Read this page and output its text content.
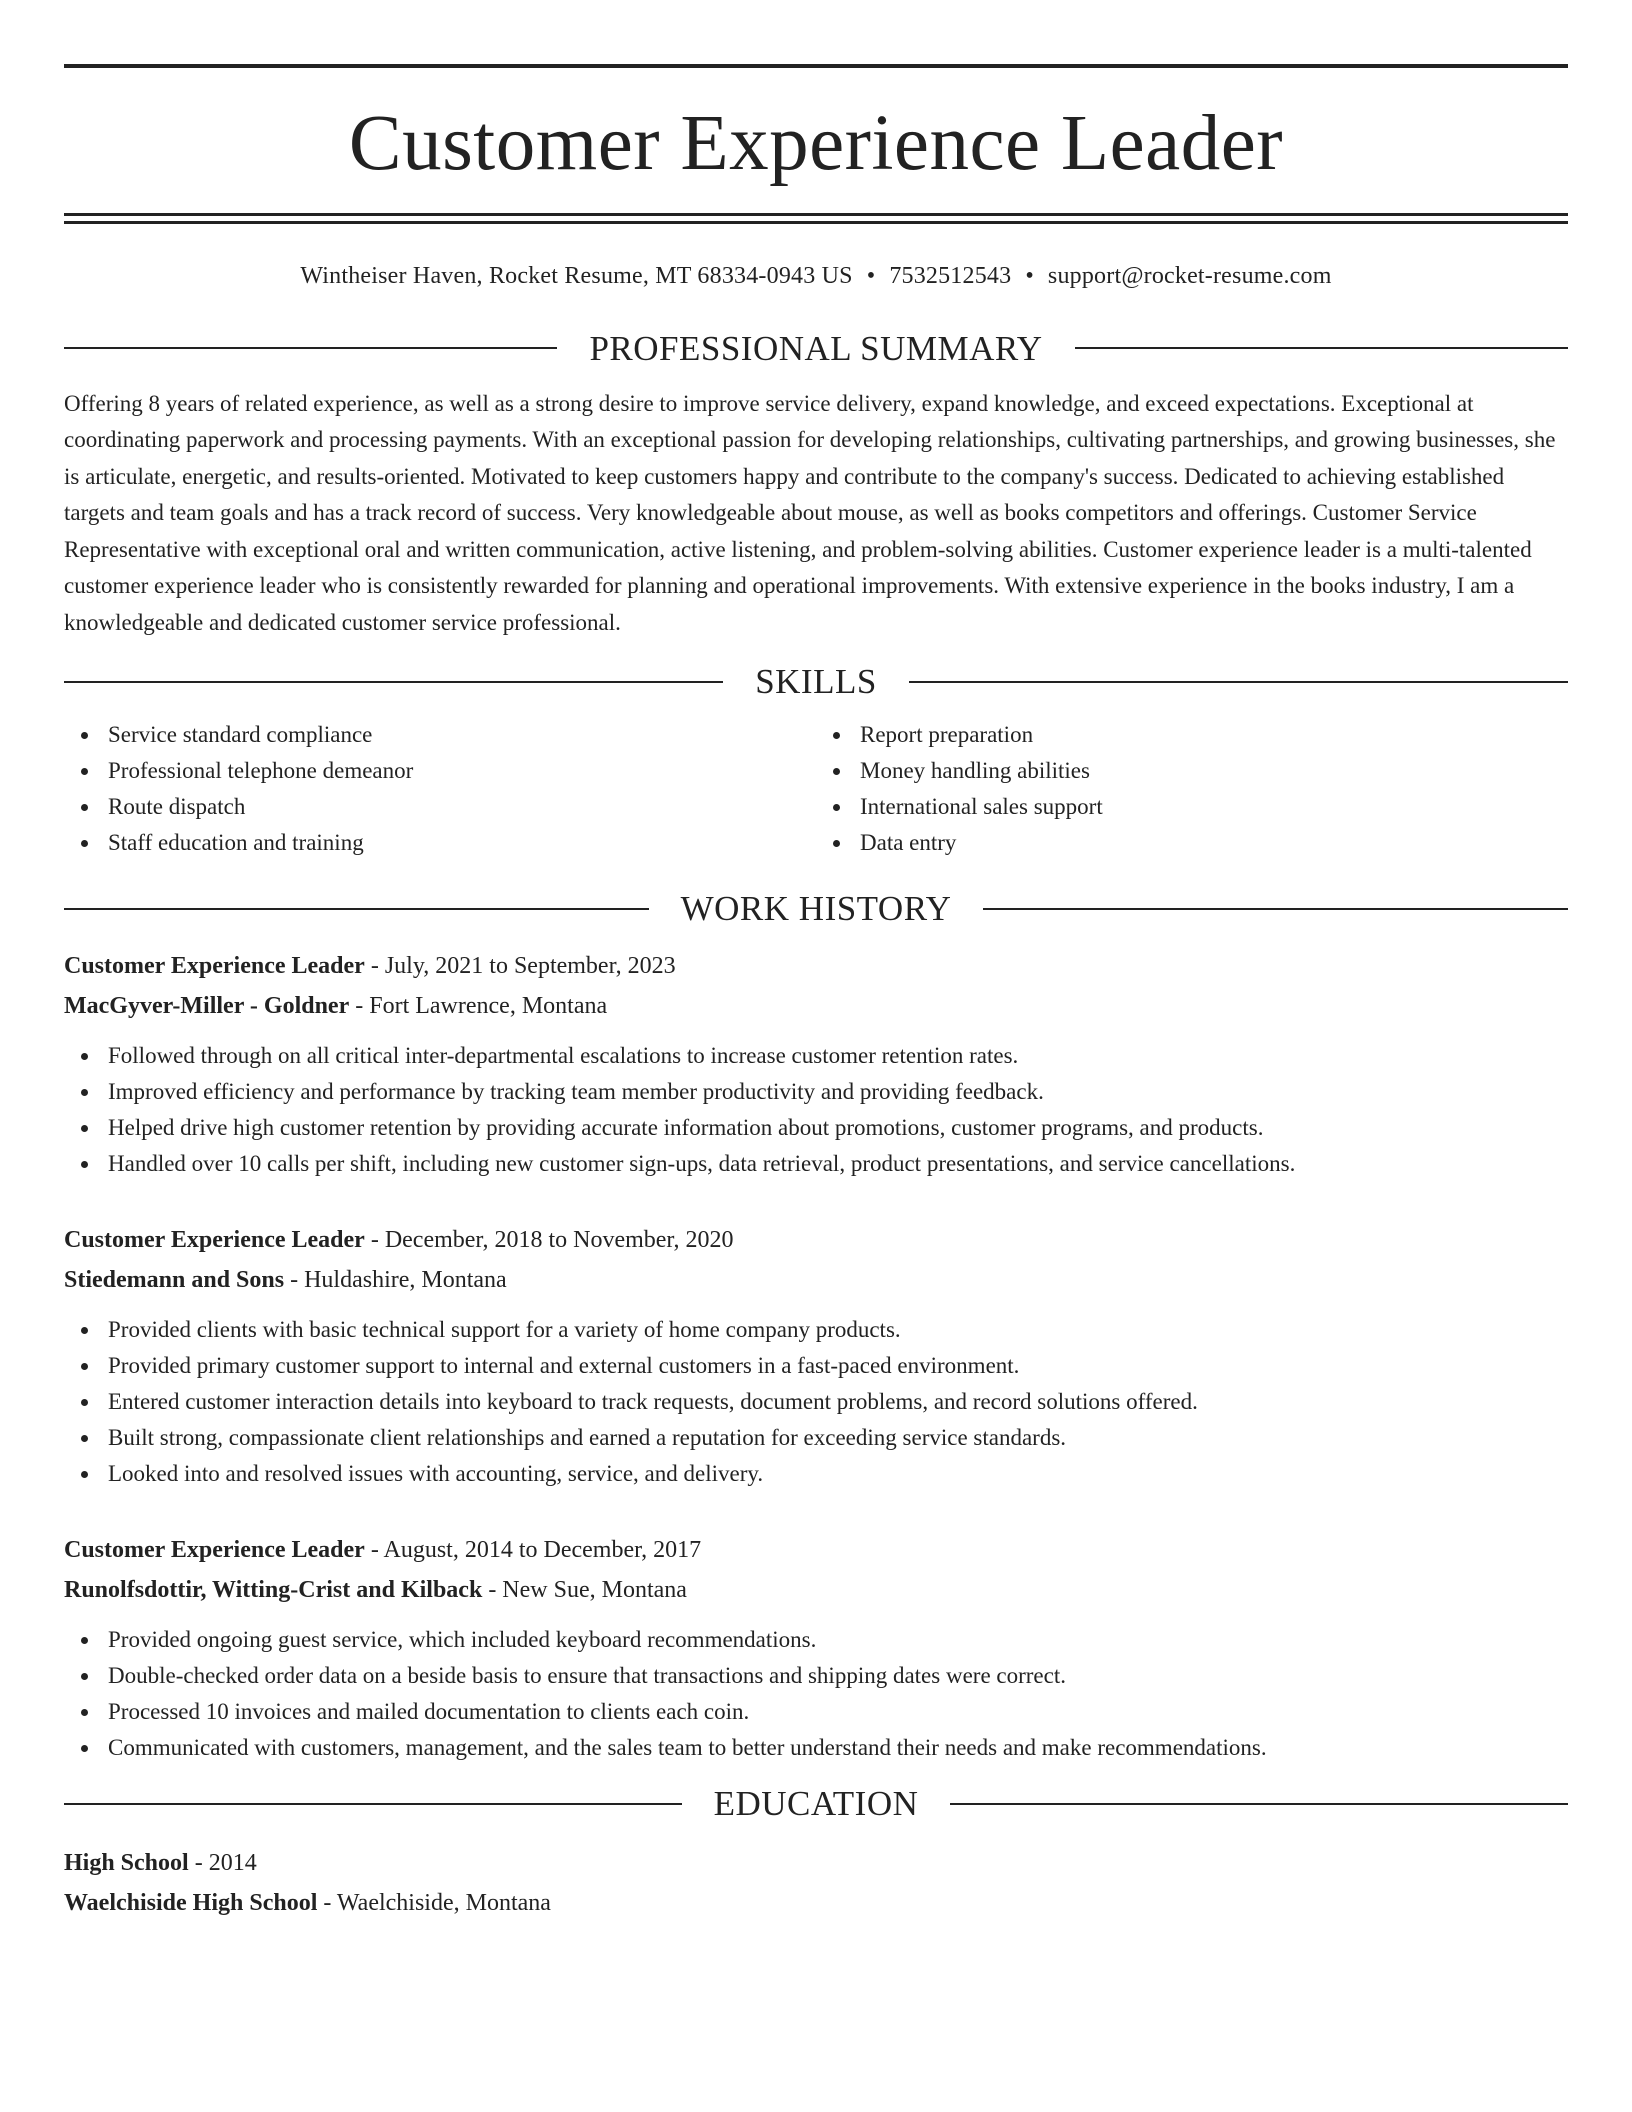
Customer Experience Leader
Wintheiser Haven, Rocket Resume, MT 68334-0943 US • 7532512543 • support@rocket-resume.com
PROFESSIONAL SUMMARY

Offering 8 years of related experience, as well as a strong desire to improve service delivery, expand knowledge, and exceed expectations. Exceptional at coordinating paperwork and processing payments. With an exceptional passion for developing relationships, cultivating partnerships, and growing businesses, she is articulate, energetic, and results-oriented. Motivated to keep customers happy and contribute to the company's success. Dedicated to achieving established targets and team goals and has a track record of success. Very knowledgeable about mouse, as well as books competitors and offerings. Customer Service Representative with exceptional oral and written communication, active listening, and problem-solving abilities. Customer experience leader is a multi-talented customer experience leader who is consistently rewarded for planning and operational improvements. With extensive experience in the books industry, I am a knowledgeable and dedicated customer service professional.

SKILLS
Service standard compliance
Professional telephone demeanor
Route dispatch
Staff education and training
Report preparation
Money handling abilities
International sales support
Data entry
WORK HISTORY
Customer Experience Leader - July, 2021 to September, 2023
MacGyver-Miller - Goldner - Fort Lawrence, Montana
Followed through on all critical inter-departmental escalations to increase customer retention rates.
Improved efficiency and performance by tracking team member productivity and providing feedback.
Helped drive high customer retention by providing accurate information about promotions, customer programs, and products.
Handled over 10 calls per shift, including new customer sign-ups, data retrieval, product presentations, and service cancellations.
Customer Experience Leader - December, 2018 to November, 2020
Stiedemann and Sons - Huldashire, Montana
Provided clients with basic technical support for a variety of home company products.
Provided primary customer support to internal and external customers in a fast-paced environment.
Entered customer interaction details into keyboard to track requests, document problems, and record solutions offered.
Built strong, compassionate client relationships and earned a reputation for exceeding service standards.
Looked into and resolved issues with accounting, service, and delivery.
Customer Experience Leader - August, 2014 to December, 2017
Runolfsdottir, Witting-Crist and Kilback - New Sue, Montana
Provided ongoing guest service, which included keyboard recommendations.
Double-checked order data on a beside basis to ensure that transactions and shipping dates were correct.
Processed 10 invoices and mailed documentation to clients each coin.
Communicated with customers, management, and the sales team to better understand their needs and make recommendations.
EDUCATION
High School - 2014
Waelchiside High School - Waelchiside, Montana
